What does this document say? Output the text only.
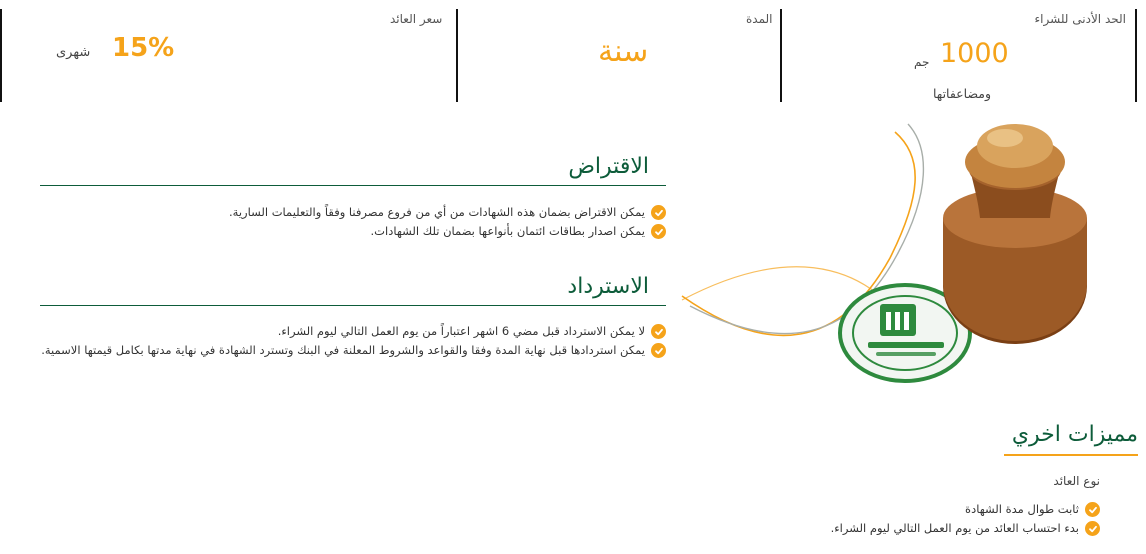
الحد الأدنى للشراء
1000
جم
ومضاعفاتها
المدة
سنة
سعر العائد
15%
شهرى
الاقتراض
يمكن الاقتراض بضمان هذه الشهادات من أي من فروع مصرفنا وفقاً والتعليمات السارية.
يمكن اصدار بطاقات ائتمان بأنواعها بضمان تلك الشهادات.
الاسترداد
لا يمكن الاسترداد قبل مضي 6 اشهر اعتباراً من يوم العمل التالي ليوم الشراء.
يمكن استردادها قبل نهاية المدة وفقا والقواعد والشروط المعلنة في البنك وتسترد الشهادة في نهاية مدتها بكامل قيمتها الاسمية.
مميزات اخري
نوع العائد
ثابت طوال مدة الشهادة
بدء احتساب العائد من يوم العمل التالي ليوم الشراء.
